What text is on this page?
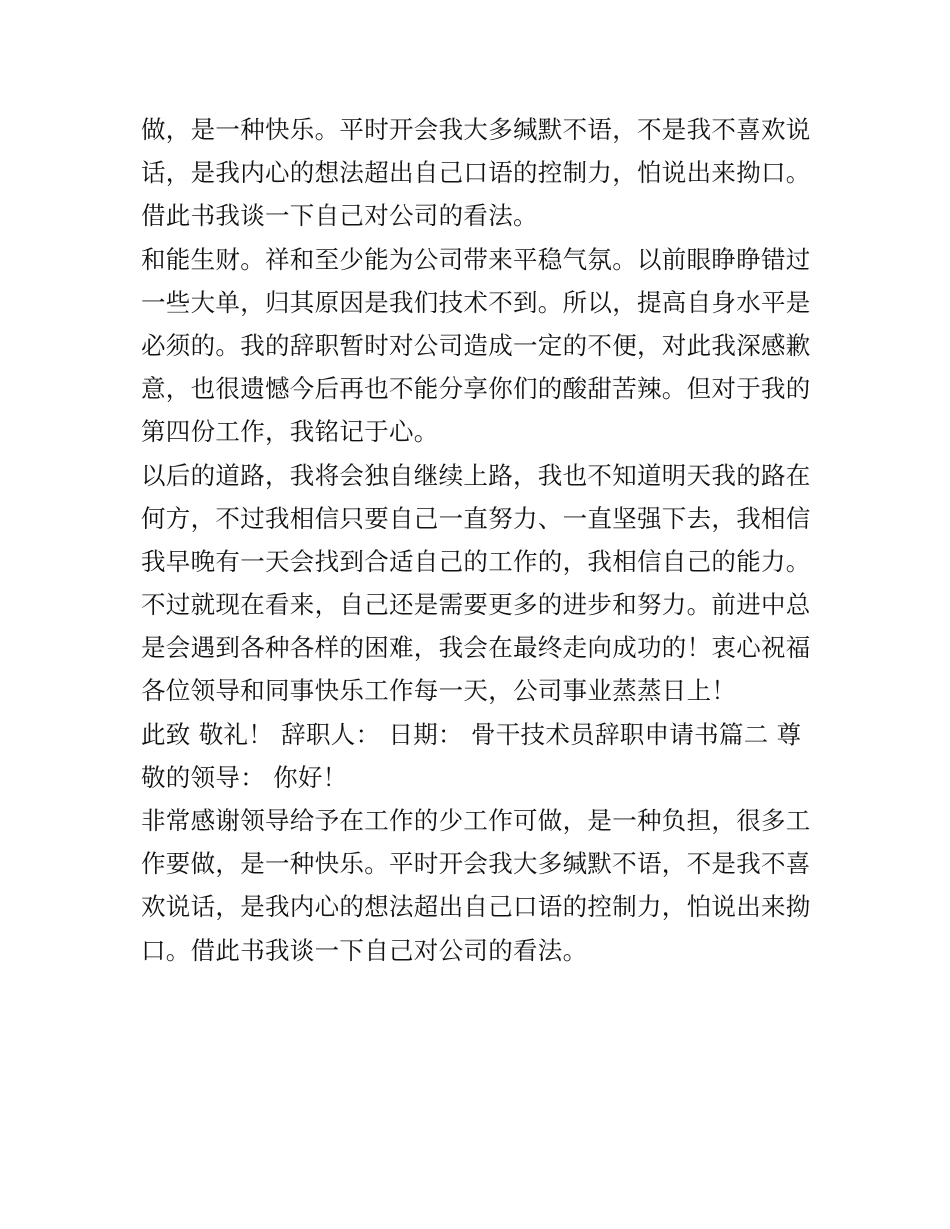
做，是一种快乐。平时开会我大多缄默不语，不是我不喜欢说
话，是我内心的想法超出自己口语的控制力，怕说出来拗口。
借此书我谈一下自己对公司的看法。

和能生财。祥和至少能为公司带来平稳气氛。以前眼睁睁错过
一些大单，归其原因是我们技术不到。所以，提高自身水平是
必须的。我的辞职暂时对公司造成一定的不便，对此我深感歉
意，也很遗憾今后再也不能分享你们的酸甜苦辣。但对于我的
第四份工作，我铭记于心。

以后的道路，我将会独自继续上路，我也不知道明天我的路在
何方，不过我相信只要自己一直努力、一直坚强下去，我相信
我早晚有一天会找到合适自己的工作的，我相信自己的能力。

不过就现在看来，自己还是需要更多的进步和努力。前进中总
是会遇到各种各样的困难，我会在最终走向成功的！衷心祝福
各位领导和同事快乐工作每一天，公司事业蒸蒸日上！

此致 敬礼！ 辞职人： 日期： 骨干技术员辞职申请书篇二 尊
敬的领导： 你好！

非常感谢领导给予在工作的少工作可做，是一种负担，很多工
作要做，是一种快乐。平时开会我大多缄默不语，不是我不喜
欢说话，是我内心的想法超出自己口语的控制力，怕说出来拗
口。借此书我谈一下自己对公司的看法。
